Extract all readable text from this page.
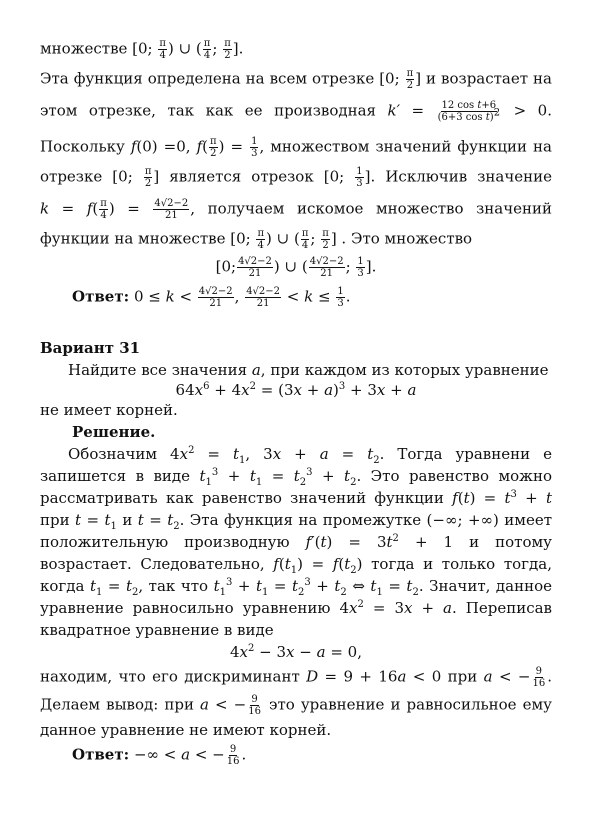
множестве [0; $\frac{\pi}{4}$ ) ∪ ( $\frac{\pi}{4}$ ; $\frac{\pi}{2}$ ].
Эта функция определена на всем отрезке [0; $\frac{\pi}{2}$ ] и возрастает на
этом отрезке, так как ее производная $k' = \frac{\text{12 cos t+6}}{(6+3 \cos t)^2} > 0$.
Поскольку f(0) =0, $f( \frac{\pi}{2}$ ) = $\frac{1}{3}$ , множеством значений функции на
отрезке [0; $\frac{\pi}{2}$ ] является отрезок [0; $\frac{1}{3}$ ]. Исключив значение
$k = f( \frac{\pi}{4}$ ) = $\frac{4√2-2}{21}$ , получаем искомое множество значений
функции на множестве [0; $\frac{\pi}{4}$ ) ∪ ( $\frac{\pi}{4}$ ; $\frac{\pi}{2}$ ] . Это множество
[0; $\frac{4√2-2}{21}$ ) ∪ ( $\frac{4√2-2}{21}$ ; $\frac{1}{3}$ ].
Ответ: $0 \le k < \frac{4√2-2}{21}$ , $\frac{4√2-2}{21} < k \le \frac{1}{3}$ .
Вариант 31
Найдите все значения a, при каждом из которых уравнение
$64x^6 + 4x^2 = (3x + a)^3 + 3x + a$
не имеет корней.
Решение.
Обозначим $4x^2 = t_1$, $3x + a = t_2$. Тогда уравнени е
запишется в виде $t_1^3 + t_1 = t_2^3 + t_2$. Это равенство можно
рассматривать как равенство значений функции $f(t) = t^3 + t$
при $t = t_1$ и $t = t_2$. Эта функция на промежутке (−∞; +∞) имеет
положительную производную $f'(t) = 3t^2 + 1$ и потому
возрастает. Следовательно, $f(t_1) = f(t_2)$ тогда и только тогда,
когда $t_1 = t_2$, так что $t_1^3 + t_1 = t_2^3 + t_2$ ⇔ $t_1 = t_2$. Значит, данное
уравнение равносильно уравнению $4x^2 = 3x + a$. Переписав
квадратное уравнение в виде
$4x^2 - 3x - a = 0$,
находим, что его дискриминант D = 9 + 16a < 0 при a < − $\frac{9}{16}$ .
Делаем вывод: при a < − $\frac{9}{16}$ это уравнение и равносильное ему
данное уравнение не имеют корней.
Ответ: −∞ < a < − $\frac{9}{16}$ .
